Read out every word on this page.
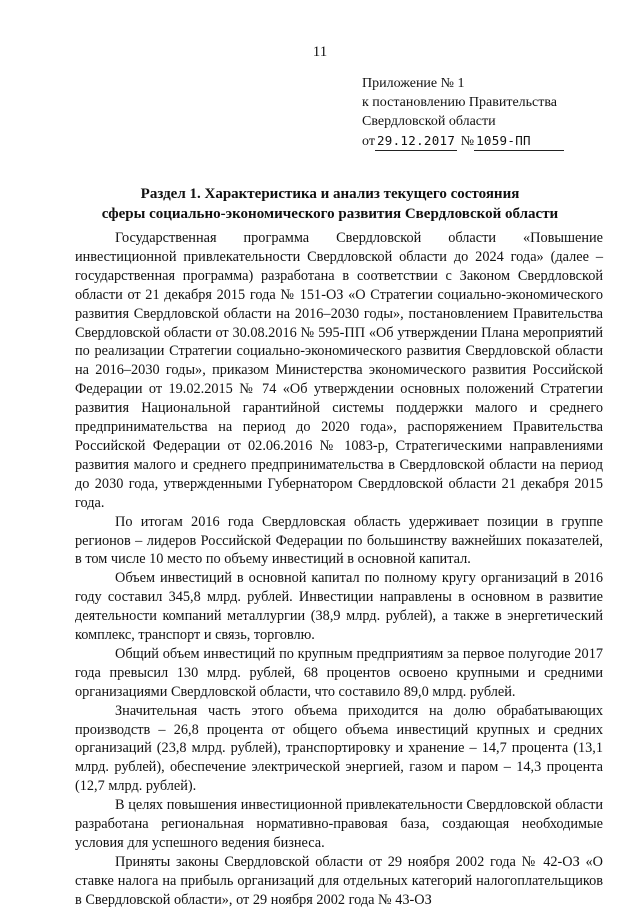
11
Приложение № 1
к постановлению Правительства
Свердловской области
от 29.12.2017 № 1059-ПП
Раздел 1. Характеристика и анализ текущего состояния
сферы социально-экономического развития Свердловской области

Государственная программа Свердловской области «Повышение инвестиционной привлекательности Свердловской области до 2024 года» (далее – государственная программа) разработана в соответствии с Законом Свердловской области от 21 декабря 2015 года № 151-ОЗ «О Стратегии социально-экономического развития Свердловской области на 2016–2030 годы», постановлением Правительства Свердловской области от 30.08.2016 № 595-ПП «Об утверждении Плана мероприятий по реализации Стратегии социально-экономического развития Свердловской области на 2016–2030 годы», приказом Министерства экономического развития Российской Федерации от 19.02.2015 № 74 «Об утверждении основных положений Стратегии развития Национальной гарантийной системы поддержки малого и среднего предпринимательства на период до 2020 года», распоряжением Правительства Российской Федерации от 02.06.2016 № 1083-р, Стратегическими направлениями развития малого и среднего предпринимательства в Свердловской области на период до 2030 года, утвержденными Губернатором Свердловской области 21 декабря 2015 года.

По итогам 2016 года Свердловская область удерживает позиции в группе регионов – лидеров Российской Федерации по большинству важнейших показателей, в том числе 10 место по объему инвестиций в основной капитал.

Объем инвестиций в основной капитал по полному кругу организаций в 2016 году составил 345,8 млрд. рублей. Инвестиции направлены в основном в развитие деятельности компаний металлургии (38,9 млрд. рублей), а также в энергетический комплекс, транспорт и связь, торговлю.

Общий объем инвестиций по крупным предприятиям за первое полугодие 2017 года превысил 130 млрд. рублей, 68 процентов освоено крупными и средними организациями Свердловской области, что составило 89,0 млрд. рублей.

Значительная часть этого объема приходится на долю обрабатывающих производств – 26,8 процента от общего объема инвестиций крупных и средних организаций (23,8 млрд. рублей), транспортировку и хранение – 14,7 процента (13,1 млрд. рублей), обеспечение электрической энергией, газом и паром – 14,3 процента (12,7 млрд. рублей).

В целях повышения инвестиционной привлекательности Свердловской области разработана региональная нормативно-правовая база, создающая необходимые условия для успешного ведения бизнеса.

Приняты законы Свердловской области от 29 ноября 2002 года № 42-ОЗ «О ставке налога на прибыль организаций для отдельных категорий налогоплательщиков в Свердловской области», от 29 ноября 2002 года № 43-ОЗ
